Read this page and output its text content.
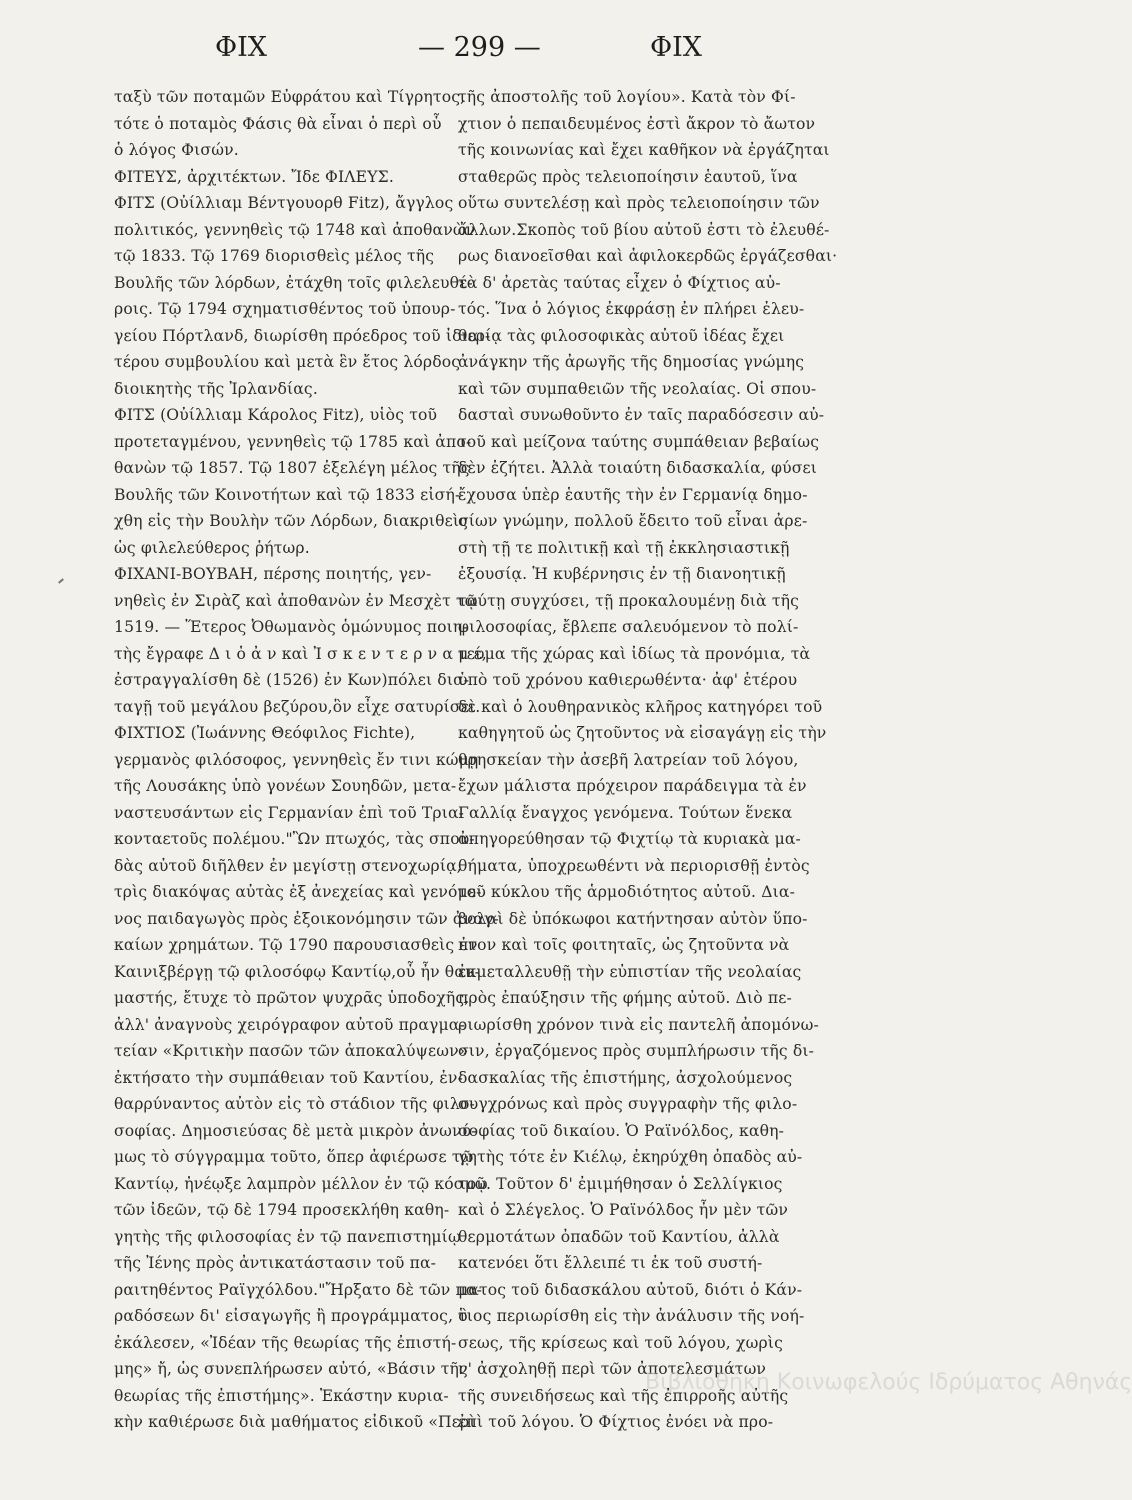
ΦΙΧ	— 299 —	ΦΙΧ
ταξὺ τῶν ποταμῶν Εὐφράτου καὶ Τίγρητος,
τότε ὁ ποταμὸς Φάσις θὰ εἶναι ὁ περὶ οὗ
ὁ λόγος Φισών.
ΦΙΤΕΥΣ, ἀρχιτέκτων. Ἴδε ΦΙΛΕΥΣ.
ΦΙΤΣ (Οὐίλλιαμ Βέντγουορθ Fitz), ἄγγλος
πολιτικός, γεννηθεὶς τῷ 1748 καὶ ἀποθανὼν
τῷ 1833. Τῷ 1769 διορισθεὶς μέλος τῆς
Βουλῆς τῶν λόρδων, ἐτάχθη τοῖς φιλελευθέ-
ροις. Τῷ 1794 σχηματισθέντος τοῦ ὑπουρ-
γείου Πόρτλανδ, διωρίσθη πρόεδρος τοῦ ἰδιαι-
τέρου συμβουλίου καὶ μετὰ ἓν ἔτος λόρδος
διοικητὴς τῆς Ἰρλανδίας.
ΦΙΤΣ (Οὐίλλιαμ Κάρολος Fitz), υἱὸς τοῦ
προτεταγμένου, γεννηθεὶς τῷ 1785 καὶ ἀπο-
θανὼν τῷ 1857. Τῷ 1807 ἐξελέγη μέλος τῆς
Βουλῆς τῶν Κοινοτήτων καὶ τῷ 1833 εἰσή-
χθη εἰς τὴν Βουλὴν τῶν Λόρδων, διακριθεὶς
ὡς φιλελεύθερος ῥήτωρ.
ΦΙΧΑΝΙ-ΒΟΥΒΑΗ, πέρσης ποιητής, γεν-
νηθεὶς ἐν Σιρὰζ καὶ ἀποθανὼν ἐν Μεσχὲτ τῷ
1519. — Ἕτερος Ὀθωμανὸς ὁμώνυμος ποιη-
τὴς ἔγραφε Δ ι ὁ ἀ ν καὶ Ἰ σ κ ε ν τ ε ρ ν α μ έ,
ἐστραγγαλίσθη δὲ (1526) ἐν Κων)πόλει δια-
ταγῇ τοῦ μεγάλου βεζύρου,ὃν εἶχε σατυρίσει.
ΦΙΧΤΙΟΣ (Ἰωάννης Θεόφιλος Fichte),
γερμανὸς φιλόσοφος, γεννηθεὶς ἔν τινι κώμῃ
τῆς Λουσάκης ὑπὸ γονέων Σουηδῶν, μετα-
ναστευσάντων εἰς Γερμανίαν ἐπὶ τοῦ Τρια-
κονταετοῦς πολέμου."Ὢν πτωχός, τὰς σπου-
δὰς αὐτοῦ διῆλθεν ἐν μεγίστῃ στενοχωρίᾳ,
τρὶς διακόψας αὐτὰς ἐξ ἀνεχείας καὶ γενόμε-
νος παιδαγωγὸς πρὸς ἐξοικονόμησιν τῶν ἀναγ-
καίων χρημάτων. Τῷ 1790 παρουσιασθεὶς ἐν
Καινιξβέργῃ τῷ φιλοσόφῳ Καντίῳ,οὗ ἦν θαυ-
μαστής, ἔτυχε τὸ πρῶτον ψυχρᾶς ὑποδοχῆς,
ἀλλ' ἀναγνοὺς χειρόγραφον αὐτοῦ πραγμα-
τείαν «Κριτικὴν πασῶν τῶν ἀποκαλύψεων»
ἐκτήσατο τὴν συμπάθειαν τοῦ Καντίου, ἐν-
θαρρύναντος αὐτὸν εἰς τὸ στάδιον τῆς φιλο-
σοφίας. Δημοσιεύσας δὲ μετὰ μικρὸν ἀνωνύ-
μως τὸ σύγγραμμα τοῦτο, ὅπερ ἀφιέρωσε τῷ
Καντίῳ, ἠνέῳξε λαμπρὸν μέλλον ἐν τῷ κόσμῳ
τῶν ἰδεῶν, τῷ δὲ 1794 προσεκλήθη καθη-
γητὴς τῆς φιλοσοφίας ἐν τῷ πανεπιστημίῳ
τῆς Ἰένης πρὸς ἀντικατάστασιν τοῦ πα-
ραιτηθέντος Ραϊγχόλδου."Ἤρξατο δὲ τῶν πα-
ραδόσεων δι' εἰσαγωγῆς ἢ προγράμματος, ὃ
ἐκάλεσεν, «Ἰδέαν τῆς θεωρίας τῆς ἐπιστή-
μης» ἤ, ὡς συνεπλήρωσεν αὐτό, «Βάσιν τῆς
θεωρίας τῆς ἐπιστήμης». Ἑκάστην κυρια-
κὴν καθιέρωσε διὰ μαθήματος εἰδικοῦ «Περὶ
τῆς ἀποστολῆς τοῦ λογίου». Κατὰ τὸν Φί-
χτιον ὁ πεπαιδευμένος ἐστὶ ἄκρον τὸ ἄωτον
τῆς κοινωνίας καὶ ἔχει καθῆκον νὰ ἐργάζηται
σταθερῶς πρὸς τελειοποίησιν ἑαυτοῦ, ἵνα
οὕτω συντελέσῃ καὶ πρὸς τελειοποίησιν τῶν
ἄλλων.Σκοπὸς τοῦ βίου αὐτοῦ ἐστι τὸ ἐλευθέ-
ρως διανοεῖσθαι καὶ ἀφιλοκερδῶς ἐργάζεσθαι·
τὰ δ' ἀρετὰς ταύτας εἶχεν ὁ Φίχτιος αὐ-
τός. Ἵνα ὁ λόγιος ἐκφράσῃ ἐν πλήρει ἐλευ-
θερίᾳ τὰς φιλοσοφικὰς αὐτοῦ ἰδέας ἔχει
ἀνάγκην τῆς ἀρωγῆς τῆς δημοσίας γνώμης
καὶ τῶν συμπαθειῶν τῆς νεολαίας. Οἱ σπου-
δασταὶ συνωθοῦντο ἐν ταῖς παραδόσεσιν αὐ-
τοῦ καὶ μείζονα ταύτης συμπάθειαν βεβαίως
δὲν ἐζήτει. Ἀλλὰ τοιαύτη διδασκαλία, φύσει
ἔχουσα ὑπὲρ ἑαυτῆς τὴν ἐν Γερμανίᾳ δημο-
σίων γνώμην, πολλοῦ ἔδειτο τοῦ εἶναι ἀρε-
στὴ τῇ τε πολιτικῇ καὶ τῇ ἐκκλησιαστικῇ
ἐξουσίᾳ. Ἡ κυβέρνησις ἐν τῇ διανοητικῇ
ταύτῃ συγχύσει, τῇ προκαλουμένῃ διὰ τῆς
φιλοσοφίας, ἔβλεπε σαλευόμενον τὸ πολί-
τευμα τῆς χώρας καὶ ἰδίως τὰ προνόμια, τὰ
ὑπὸ τοῦ χρόνου καθιερωθέντα· ἀφ' ἑτέρου
δὲ καὶ ὁ λουθηρανικὸς κλῆρος κατηγόρει τοῦ
καθηγητοῦ ὡς ζητοῦντος νὰ εἰσαγάγῃ εἰς τὴν
θρησκείαν τὴν ἀσεβῆ λατρείαν τοῦ λόγου,
ἔχων μάλιστα πρόχειρον παράδειγμα τὰ ἐν
Γαλλίᾳ ἔναγχος γενόμενα. Τούτων ἕνεκα
ἀπηγορεύθησαν τῷ Φιχτίῳ τὰ κυριακὰ μα-
θήματα, ὑποχρεωθέντι νὰ περιορισθῇ ἐντὸς
τοῦ κύκλου τῆς ἁρμοδιότητος αὐτοῦ. Δια-
βολαὶ δὲ ὑπόκωφοι κατήντησαν αὐτὸν ὕπο-
πτον καὶ τοῖς φοιτηταῖς, ὡς ζητοῦντα νὰ
ἐκμεταλλευθῇ τὴν εὐπιστίαν τῆς νεολαίας
πρὸς ἐπαύξησιν τῆς φήμης αὐτοῦ. Διὸ πε-
ριωρίσθη χρόνον τινὰ εἰς παντελῆ ἀπομόνω-
σιν, ἐργαζόμενος πρὸς συμπλήρωσιν τῆς δι-
δασκαλίας τῆς ἐπιστήμης, ἀσχολούμενος
συγχρόνως καὶ πρὸς συγγραφὴν τῆς φιλο-
σοφίας τοῦ δικαίου. Ὁ Ραϊνόλδος, καθη-
γητὴς τότε ἐν Κιέλῳ, ἐκηρύχθη ὀπαδὸς αὐ-
τοῦ. Τοῦτον δ' ἐμιμήθησαν ὁ Σελλίγκιος
καὶ ὁ Σλέγελος. Ὁ Ραϊνόλδος ἦν μὲν τῶν
θερμοτάτων ὀπαδῶν τοῦ Καντίου, ἀλλὰ
κατενόει ὅτι ἔλλειπέ τι ἐκ τοῦ συστή-
ματος τοῦ διδασκάλου αὐτοῦ, διότι ὁ Κάν-
τιος περιωρίσθη εἰς τὴν ἀνάλυσιν τῆς νοή-
σεως, τῆς κρίσεως καὶ τοῦ λόγου, χωρὶς
ν' ἀσχοληθῇ περὶ τῶν ἀποτελεσμάτων
τῆς συνειδήσεως καὶ τῆς ἐπιρροῆς αὐτῆς
ἐπὶ τοῦ λόγου. Ὁ Φίχτιος ἐνόει νὰ προ-
Βιβλιοθήκη Κοινωφελούς Ιδρύματος Αθηνάς
